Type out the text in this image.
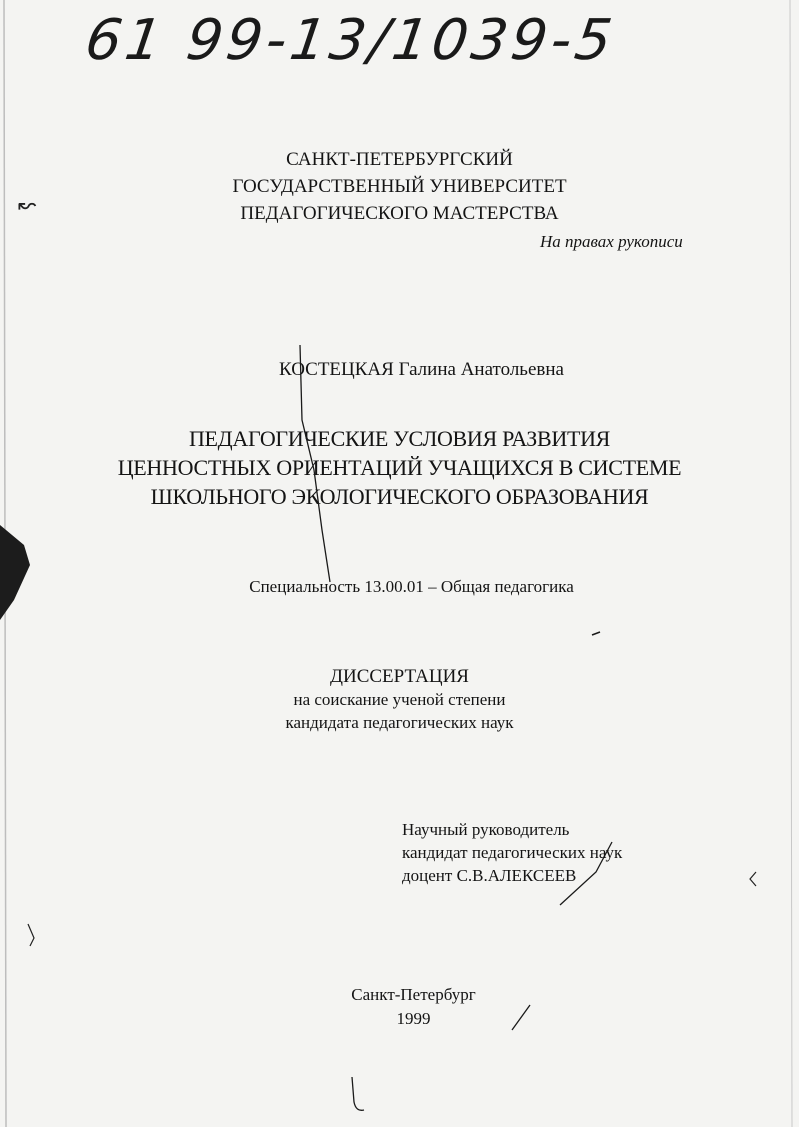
61 99-13/1039-5
САНКТ-ПЕТЕРБУРГСКИЙ
ГОСУДАРСТВЕННЫЙ УНИВЕРСИТЕТ
ПЕДАГОГИЧЕСКОГО МАСТЕРСТВА
На правах рукописи
КОСТЕЦКАЯ Галина Анатольевна
ПЕДАГОГИЧЕСКИЕ УСЛОВИЯ РАЗВИТИЯ
ЦЕННОСТНЫХ ОРИЕНТАЦИЙ УЧАЩИХСЯ В СИСТЕМЕ
ШКОЛЬНОГО ЭКОЛОГИЧЕСКОГО ОБРАЗОВАНИЯ
Специальность 13.00.01 – Общая педагогика
ДИССЕРТАЦИЯ
на соискание ученой степени
кандидата педагогических наук
Научный руководитель
кандидат педагогических наук
доцент С.В.АЛЕКСЕЕВ
Санкт-Петербург
1999
↜
